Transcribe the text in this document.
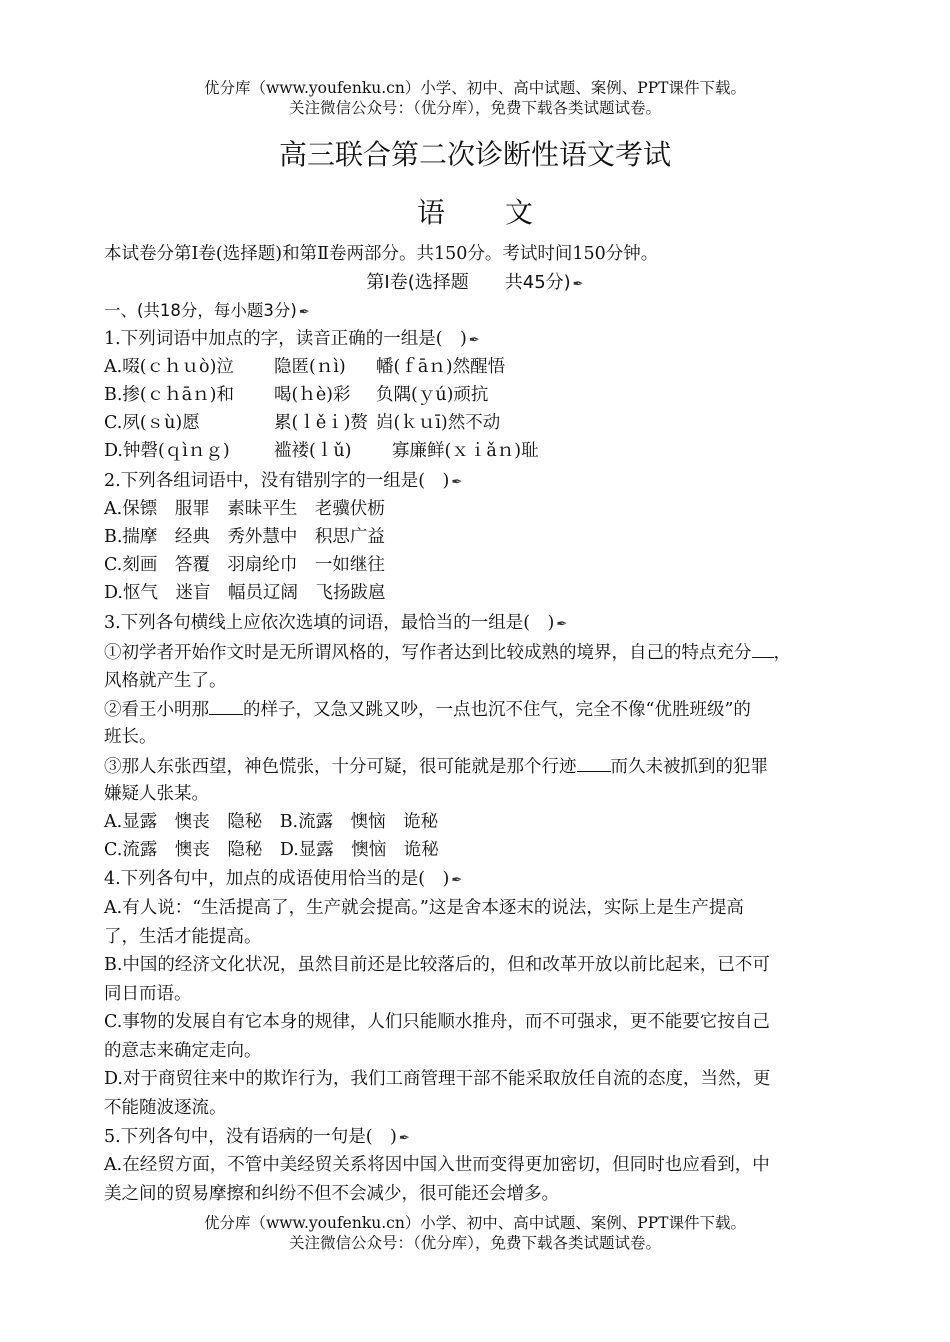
优分库（www.youfenku.cn）小学、初中、高中试题、案例、PPT课件下载。
关注微信公众号：（优分库），免费下载各类试题试卷。
高三联合第二次诊断性语文考试
语文
本试卷分第Ⅰ卷(选择题)和第Ⅱ卷两部分。共150分。考试时间150分钟。
第Ⅰ卷(选择题　　共45分) ✒
一、(共18分，每小题3分) ✒
1.下列词语中加点的字，读音正确的一组是(　) ✒
A.啜(ｃｈｕò)泣 隐匿(ｎì) 幡(ｆāｎ)然醒悟
B.掺(ｃｈāｎ)和 喝(ｈè)彩 负隅(ｙú)顽抗
C.夙(ｓù)愿	累(ｌěｉ)赘 岿(ｋｕī)然不动
D.钟磬(ｑìｎｇ)	褴褛(ｌǔ) 寡廉鲜(ｘｉǎｎ)耻
2.下列各组词语中，没有错别字的一组是(　) ✒
A.保镖　服罪　素昧平生　老骥伏枥
B.揣摩　经典　秀外慧中　积思广益
C.刻画　答覆　羽扇纶巾　一如继往
D.怄气　迷盲　幅员辽阔　飞扬跋扈
3.下列各句横线上应依次选填的词语，最恰当的一组是(　) ✒
①初学者开始作文时是无所谓风格的，写作者达到比较成熟的境界，自己的特点充分 ，
风格就产生了。
②看王小明那 的样子，又急又跳又吵，一点也沉不住气，完全不像“优胜班级”的
班长。
③那人东张西望，神色慌张，十分可疑，很可能就是那个行迹 而久未被抓到的犯罪
嫌疑人张某。
A.显露　懊丧　隐秘　B.流露　懊恼　诡秘
C.流露　懊丧　隐秘　D.显露　懊恼　诡秘
4.下列各句中，加点的成语使用恰当的是(　) ✒
A.有人说：“生活提高了，生产就会提高。”这是舍本逐末的说法，实际上是生产提高
了，生活才能提高。
B.中国的经济文化状况，虽然目前还是比较落后的，但和改革开放以前比起来，已不可
同日而语。
C.事物的发展自有它本身的规律，人们只能顺水推舟，而不可强求，更不能要它按自己
的意志来确定走向。
D.对于商贸往来中的欺诈行为，我们工商管理干部不能采取放任自流的态度，当然，更
不能随波逐流。
5.下列各句中，没有语病的一句是(　) ✒
A.在经贸方面，不管中美经贸关系将因中国入世而变得更加密切，但同时也应看到，中
美之间的贸易摩擦和纠纷不但不会减少，很可能还会增多。
优分库（www.youfenku.cn）小学、初中、高中试题、案例、PPT课件下载。
关注微信公众号：（优分库），免费下载各类试题试卷。
